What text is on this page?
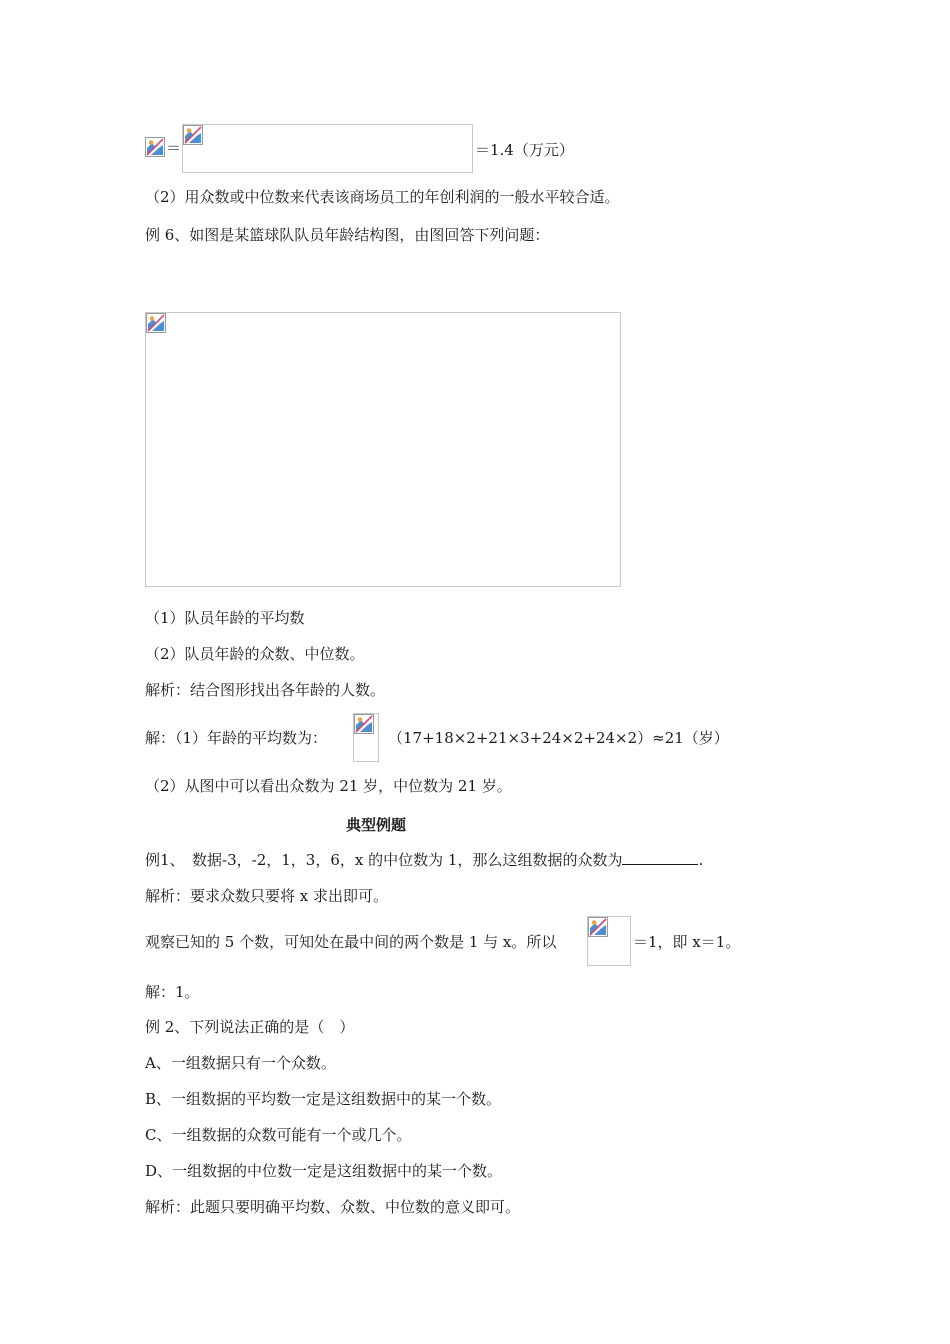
＝	＝1.4（万元）
（2）用众数或中位数来代表该商场员工的年创利润的一般水平较合适。
例 6、如图是某篮球队队员年龄结构图，由图回答下列问题：
（1）队员年龄的平均数
（2）队员年龄的众数、中位数。
解析：结合图形找出各年龄的人数。
解：（1）年龄的平均数为：	（17+18×2+21×3+24×2+24×2）≈21（岁）
（2）从图中可以看出众数为 21 岁，中位数为 21 岁。
典型例题
例1、　数据-3，-2，1，3，6，x 的中位数为 1，那么这组数据的众数为	.
解析：要求众数只要将 x 求出即可。
观察已知的 5 个数，可知处在最中间的两个数是 1 与 x。所以	＝1，即 x＝1。
解：1。
例 2、下列说法正确的是（　）
A、一组数据只有一个众数。
B、一组数据的平均数一定是这组数据中的某一个数。
C、一组数据的众数可能有一个或几个。
D、一组数据的中位数一定是这组数据中的某一个数。
解析：此题只要明确平均数、众数、中位数的意义即可。
